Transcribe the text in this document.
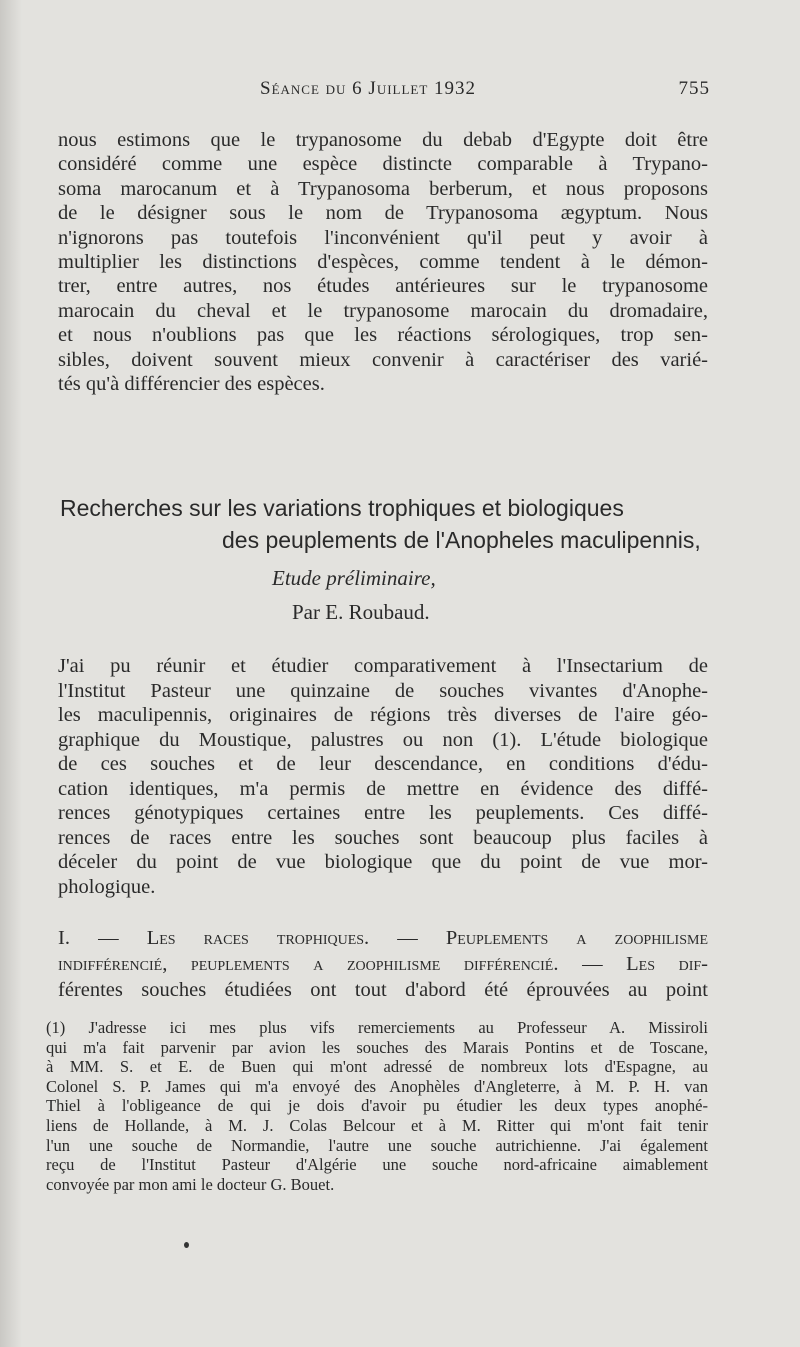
Séance du 6 Juillet 1932	755
nous estimons que le trypanosome du debab d'Egypte doit être
considéré comme une espèce distincte comparable à Trypano-
soma marocanum et à Trypanosoma berberum, et nous proposons
de le désigner sous le nom de Trypanosoma ægyptum. Nous
n'ignorons pas toutefois l'inconvénient qu'il peut y avoir à
multiplier les distinctions d'espèces, comme tendent à le démon-
trer, entre autres, nos études antérieures sur le trypanosome
marocain du cheval et le trypanosome marocain du dromadaire,
et nous n'oublions pas que les réactions sérologiques, trop sen-
sibles, doivent souvent mieux convenir à caractériser des varié-
tés qu'à différencier des espèces.
Recherches sur les variations trophiques et biologiques
des peuplements de l'Anopheles maculipennis,
Etude préliminaire,
Par E. Roubaud.
J'ai pu réunir et étudier comparativement à l'Insectarium de
l'Institut Pasteur une quinzaine de souches vivantes d'Anophe-
les maculipennis, originaires de régions très diverses de l'aire géo-
graphique du Moustique, palustres ou non (1). L'étude biologique
de ces souches et de leur descendance, en conditions d'édu-
cation identiques, m'a permis de mettre en évidence des diffé-
rences génotypiques certaines entre les peuplements. Ces diffé-
rences de races entre les souches sont beaucoup plus faciles à
déceler du point de vue biologique que du point de vue mor-
phologique.
I. — Les races trophiques. — Peuplements a zoophilisme
indifférencié, peuplements a zoophilisme différencié. — Les dif-
férentes souches étudiées ont tout d'abord été éprouvées au point
(1) J'adresse ici mes plus vifs remerciements au Professeur A. Missiroli
qui m'a fait parvenir par avion les souches des Marais Pontins et de Toscane,
à MM. S. et E. de Buen qui m'ont adressé de nombreux lots d'Espagne, au
Colonel S. P. James qui m'a envoyé des Anophèles d'Angleterre, à M. P. H. van
Thiel à l'obligeance de qui je dois d'avoir pu étudier les deux types anophé-
liens de Hollande, à M. J. Colas Belcour et à M. Ritter qui m'ont fait tenir
l'un une souche de Normandie, l'autre une souche autrichienne. J'ai également
reçu de l'Institut Pasteur d'Algérie une souche nord-africaine aimablement
convoyée par mon ami le docteur G. Bouet.
